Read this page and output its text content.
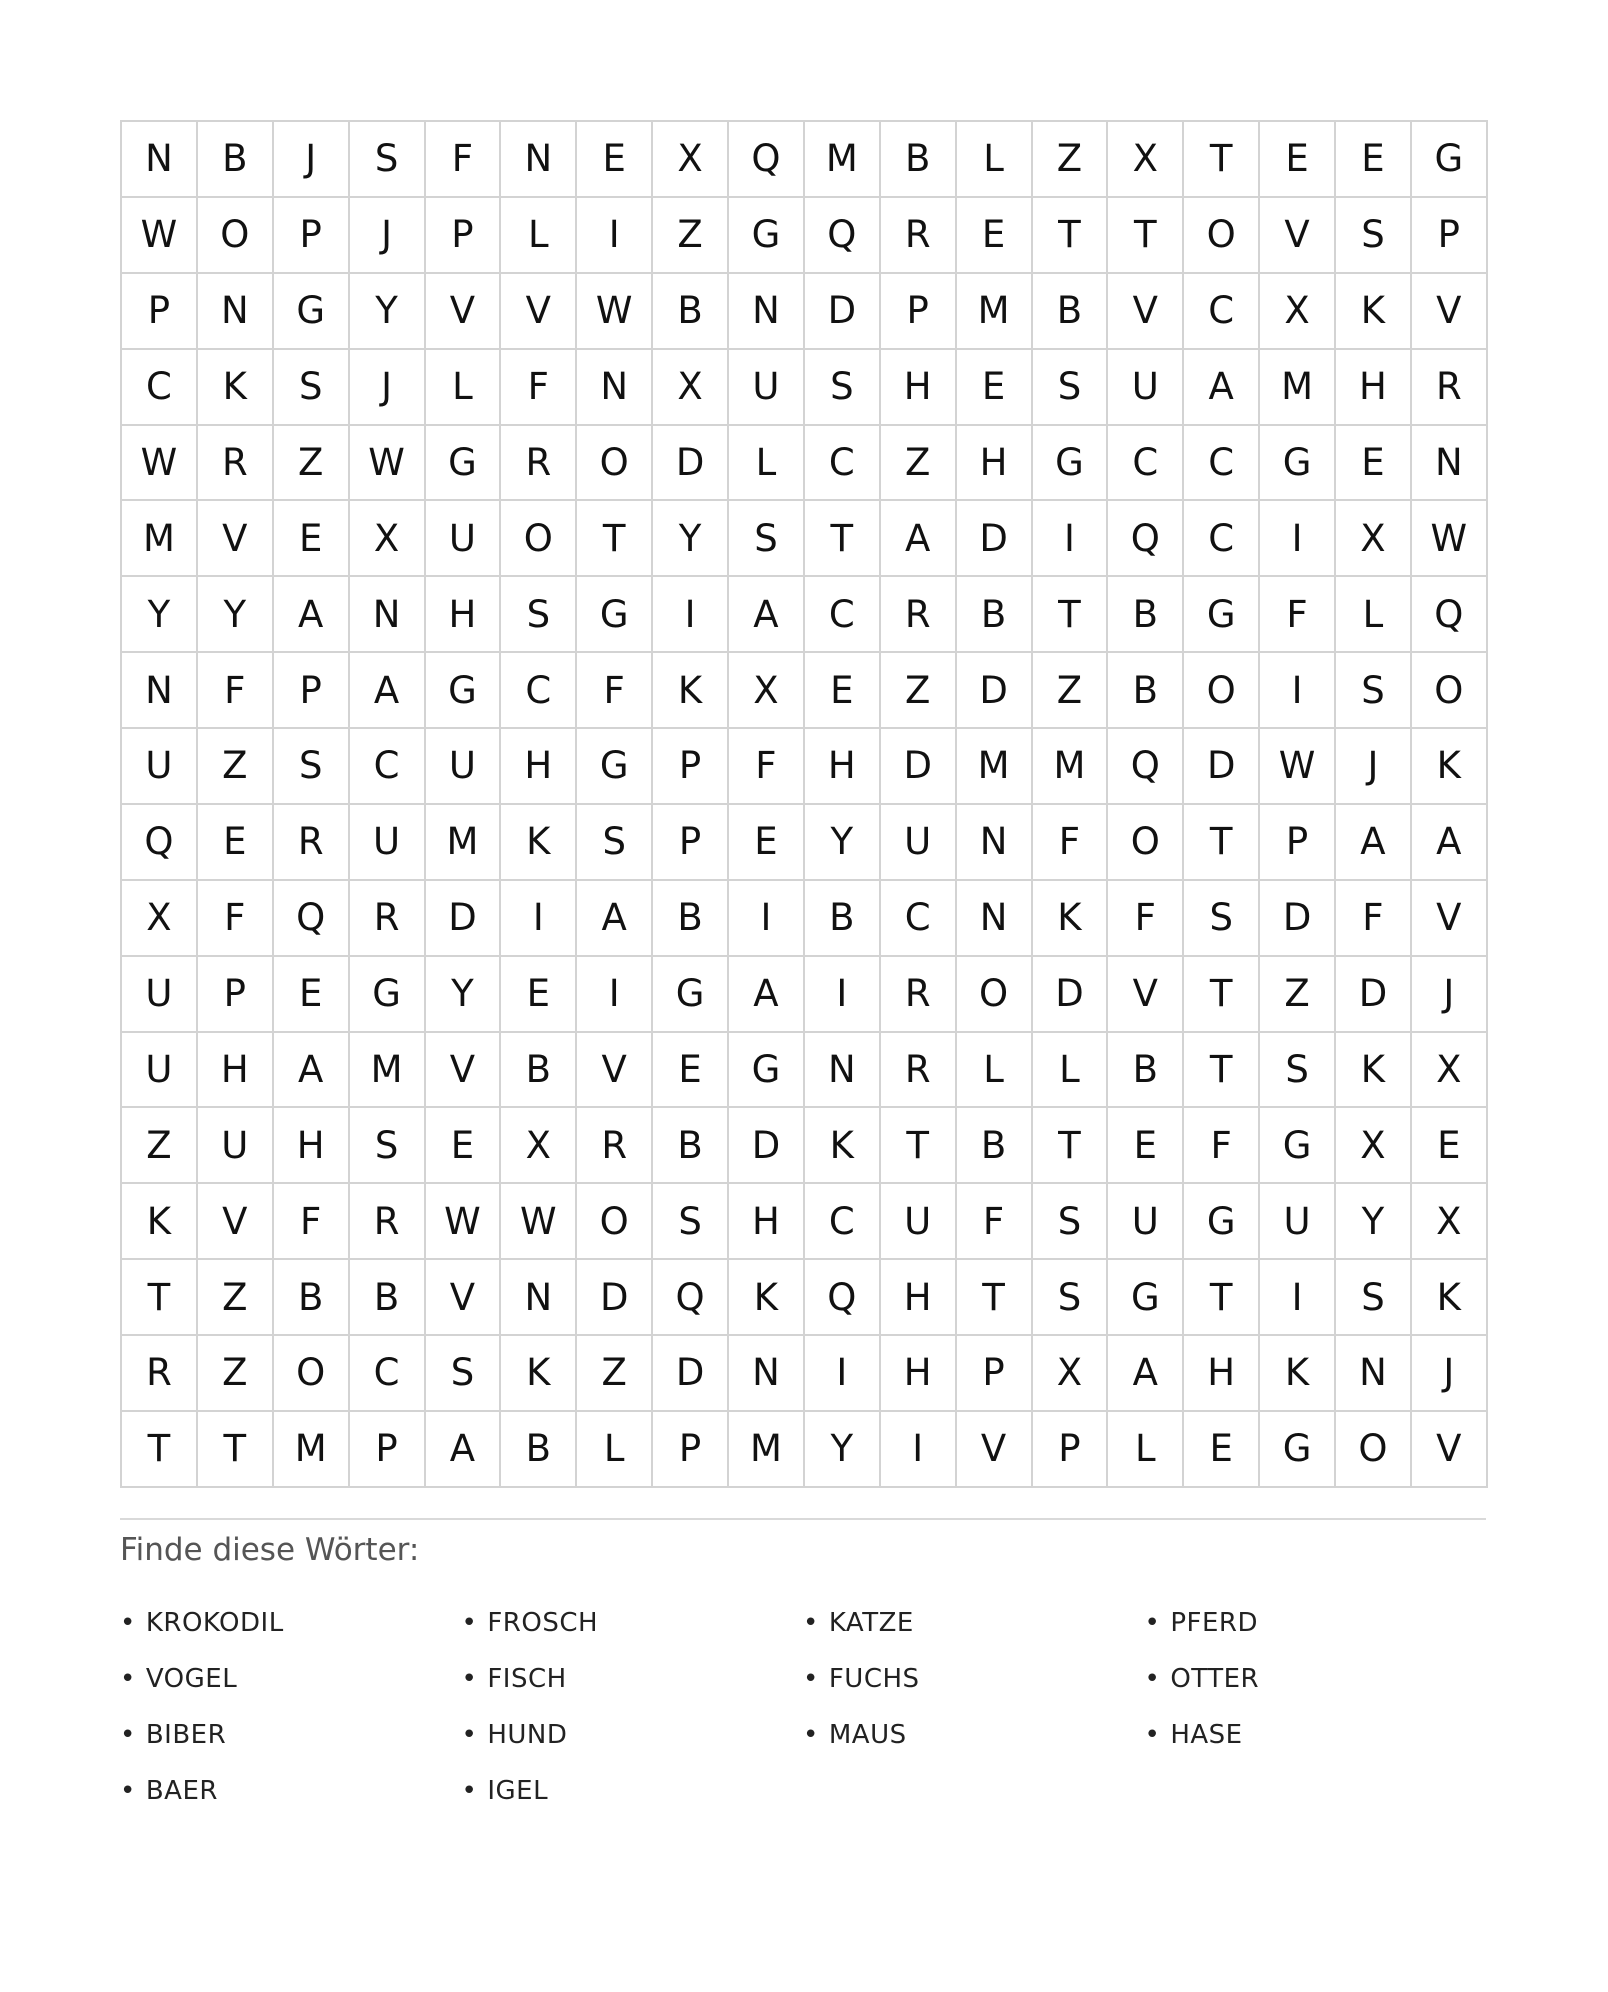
N	B	J	S	F	N	E	X	Q	M	B	L	Z	X	T	E	E	G
W	O	P	J	P	L	I	Z	G	Q	R	E	T	T	O	V	S	P
P	N	G	Y	V	V	W	B	N	D	P	M	B	V	C	X	K	V
C	K	S	J	L	F	N	X	U	S	H	E	S	U	A	M	H	R
W	R	Z	W	G	R	O	D	L	C	Z	H	G	C	C	G	E	N
M	V	E	X	U	O	T	Y	S	T	A	D	I	Q	C	I	X	W
Y	Y	A	N	H	S	G	I	A	C	R	B	T	B	G	F	L	Q
N	F	P	A	G	C	F	K	X	E	Z	D	Z	B	O	I	S	O
U	Z	S	C	U	H	G	P	F	H	D	M	M	Q	D	W	J	K
Q	E	R	U	M	K	S	P	E	Y	U	N	F	O	T	P	A	A
X	F	Q	R	D	I	A	B	I	B	C	N	K	F	S	D	F	V
U	P	E	G	Y	E	I	G	A	I	R	O	D	V	T	Z	D	J
U	H	A	M	V	B	V	E	G	N	R	L	L	B	T	S	K	X
Z	U	H	S	E	X	R	B	D	K	T	B	T	E	F	G	X	E
K	V	F	R	W	W	O	S	H	C	U	F	S	U	G	U	Y	X
T	Z	B	B	V	N	D	Q	K	Q	H	T	S	G	T	I	S	K
R	Z	O	C	S	K	Z	D	N	I	H	P	X	A	H	K	N	J
T	T	M	P	A	B	L	P	M	Y	I	V	P	L	E	G	O	V
Finde diese Wörter:
• KROKODIL	• FROSCH	• KATZE	• PFERD
• VOGEL	• FISCH	• FUCHS	• OTTER
• BIBER	• HUND	• MAUS	• HASE
• BAER	• IGEL
